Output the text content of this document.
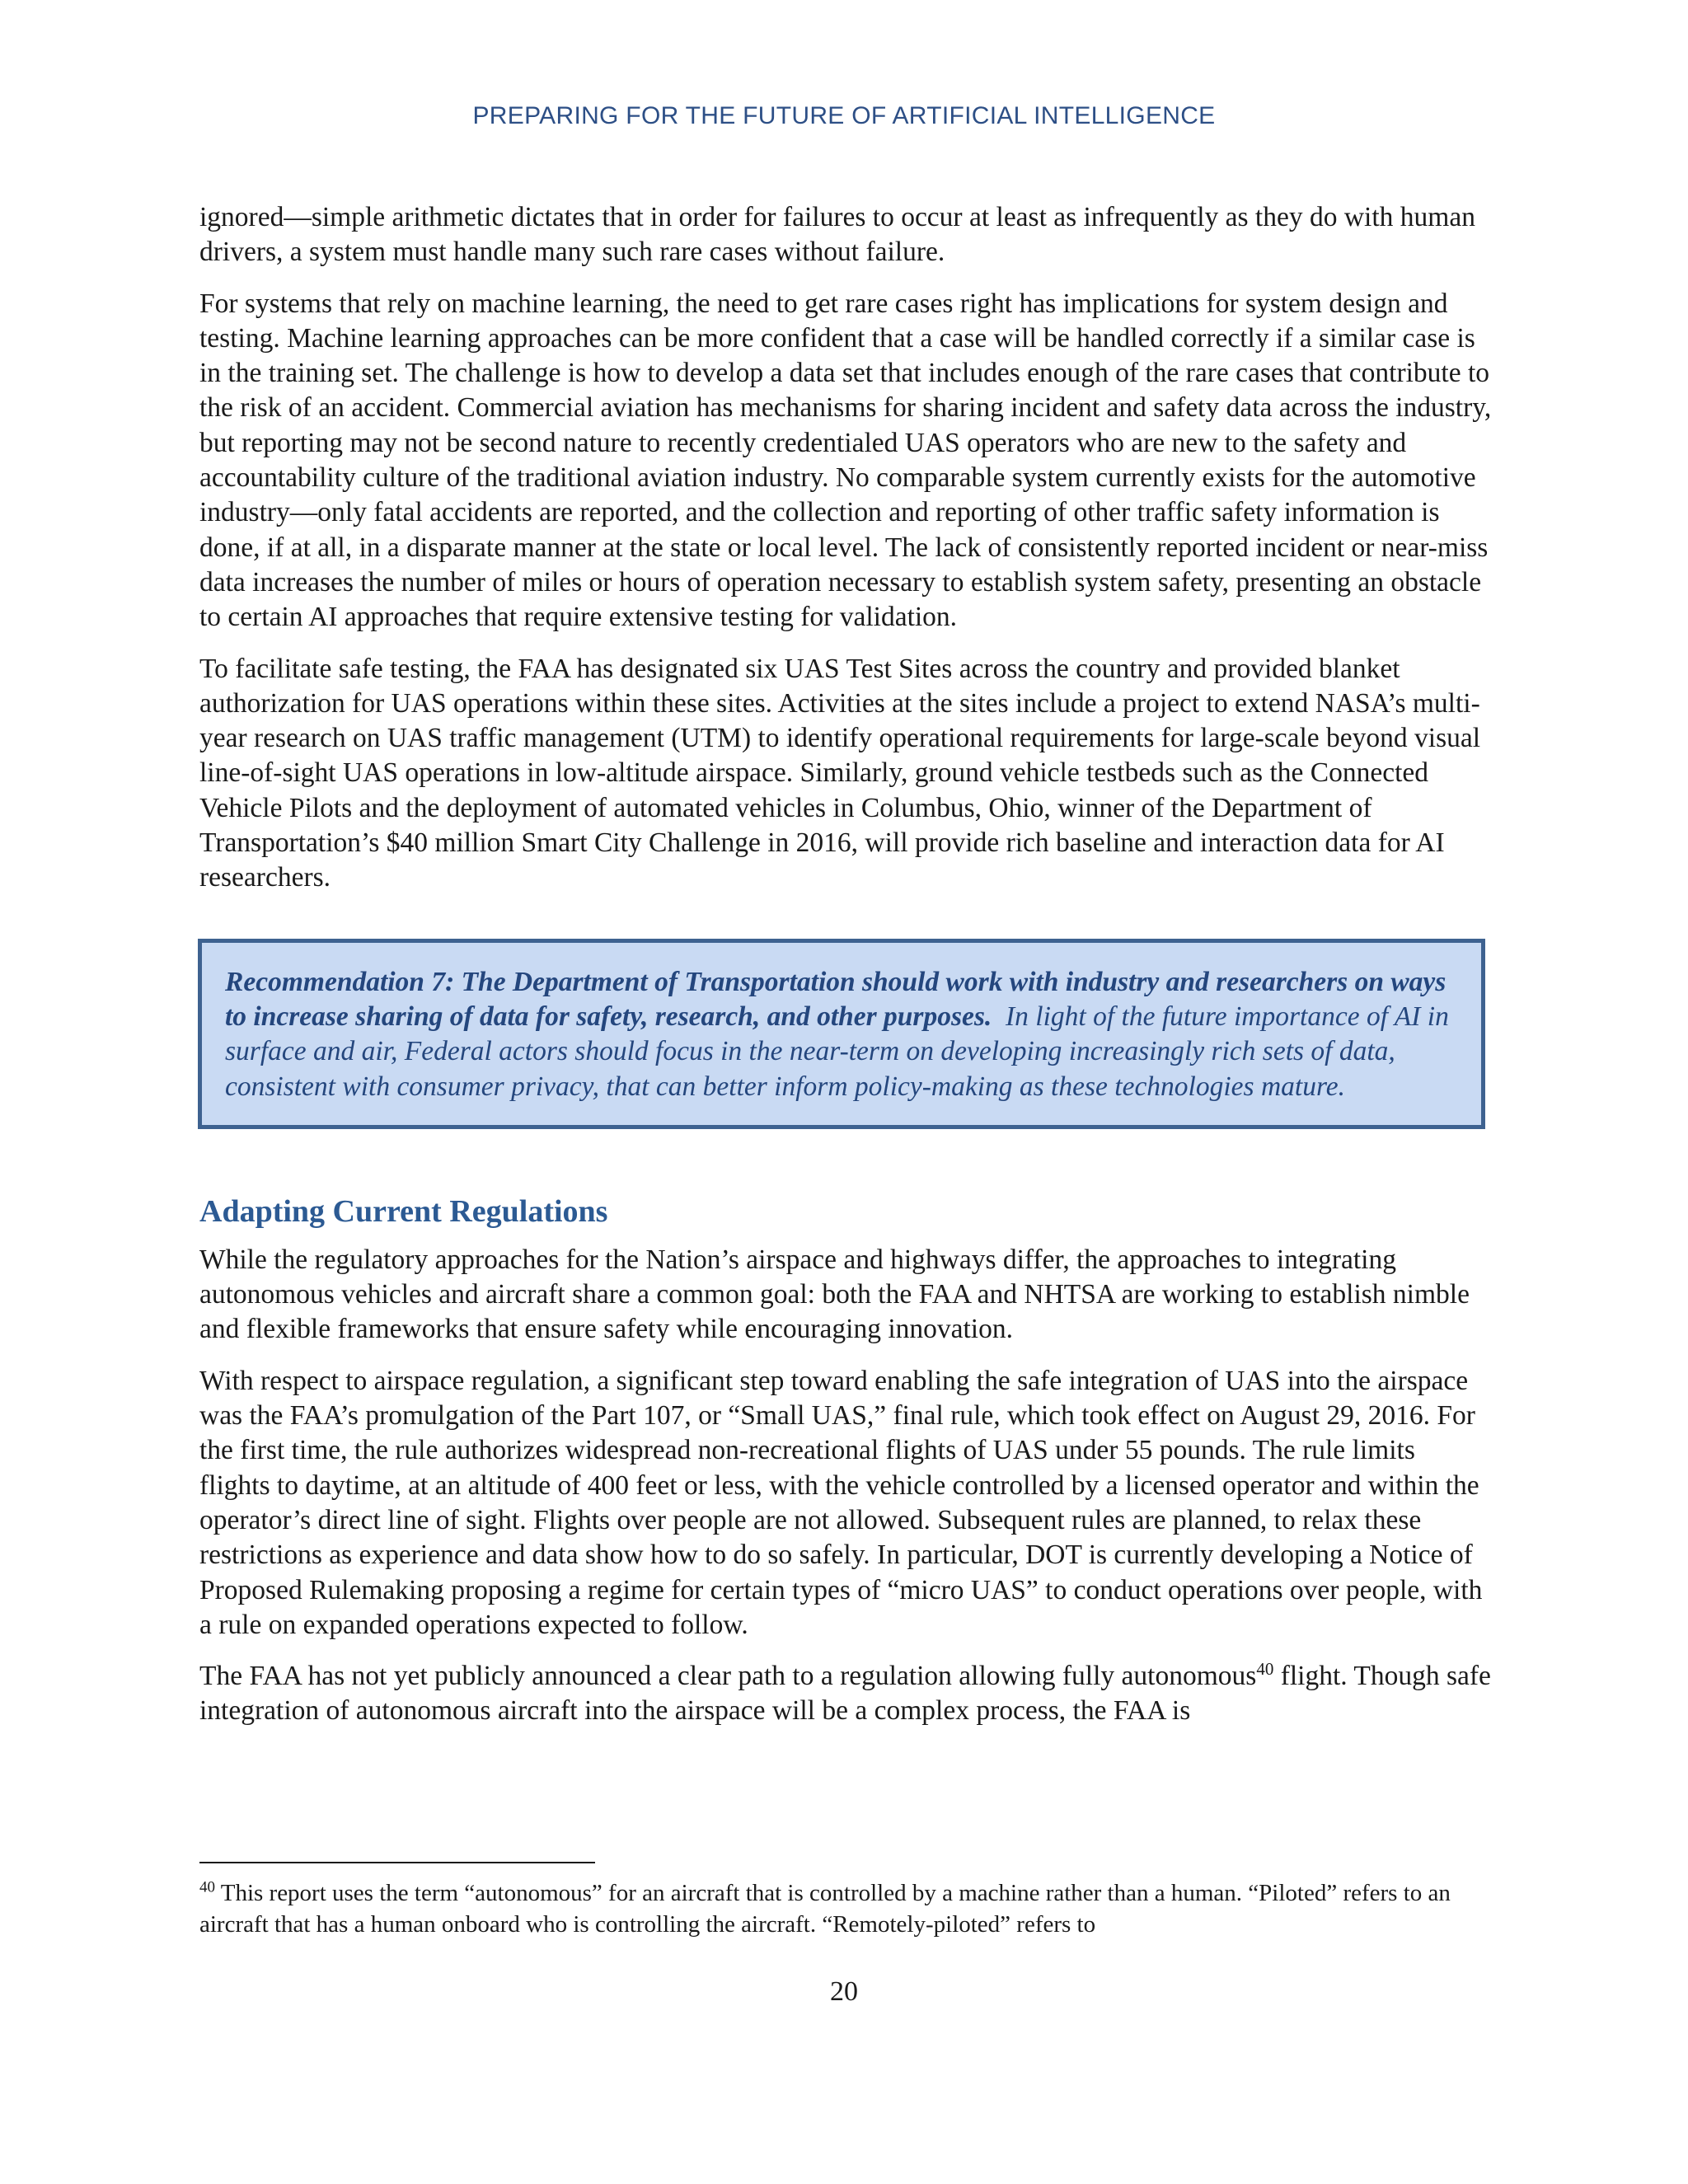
PREPARING FOR THE FUTURE OF ARTIFICIAL INTELLIGENCE

ignored—simple arithmetic dictates that in order for failures to occur at least as infrequently as they do with human drivers, a system must handle many such rare cases without failure.

For systems that rely on machine learning, the need to get rare cases right has implications for system design and testing. Machine learning approaches can be more confident that a case will be handled correctly if a similar case is in the training set. The challenge is how to develop a data set that includes enough of the rare cases that contribute to the risk of an accident. Commercial aviation has mechanisms for sharing incident and safety data across the industry, but reporting may not be second nature to recently credentialed UAS operators who are new to the safety and accountability culture of the traditional aviation industry. No comparable system currently exists for the automotive industry—only fatal accidents are reported, and the collection and reporting of other traffic safety information is done, if at all, in a disparate manner at the state or local level. The lack of consistently reported incident or near-miss data increases the number of miles or hours of operation necessary to establish system safety, presenting an obstacle to certain AI approaches that require extensive testing for validation.

To facilitate safe testing, the FAA has designated six UAS Test Sites across the country and provided blanket authorization for UAS operations within these sites. Activities at the sites include a project to extend NASA’s multi-year research on UAS traffic management (UTM) to identify operational requirements for large-scale beyond visual line-of-sight UAS operations in low-altitude airspace. Similarly, ground vehicle testbeds such as the Connected Vehicle Pilots and the deployment of automated vehicles in Columbus, Ohio, winner of the Department of Transportation’s $40 million Smart City Challenge in 2016, will provide rich baseline and interaction data for AI researchers.

Recommendation 7: The Department of Transportation should work with industry and researchers on ways to increase sharing of data for safety, research, and other purposes. In light of the future importance of AI in surface and air, Federal actors should focus in the near-term on developing increasingly rich sets of data, consistent with consumer privacy, that can better inform policy-making as these technologies mature.
Adapting Current Regulations

While the regulatory approaches for the Nation’s airspace and highways differ, the approaches to integrating autonomous vehicles and aircraft share a common goal: both the FAA and NHTSA are working to establish nimble and flexible frameworks that ensure safety while encouraging innovation.

With respect to airspace regulation, a significant step toward enabling the safe integration of UAS into the airspace was the FAA’s promulgation of the Part 107, or “Small UAS,” final rule, which took effect on August 29, 2016. For the first time, the rule authorizes widespread non-recreational flights of UAS under 55 pounds. The rule limits flights to daytime, at an altitude of 400 feet or less, with the vehicle controlled by a licensed operator and within the operator’s direct line of sight. Flights over people are not allowed. Subsequent rules are planned, to relax these restrictions as experience and data show how to do so safely. In particular, DOT is currently developing a Notice of Proposed Rulemaking proposing a regime for certain types of “micro UAS” to conduct operations over people, with a rule on expanded operations expected to follow.

The FAA has not yet publicly announced a clear path to a regulation allowing fully autonomous$^{40}$ flight. Though safe integration of autonomous aircraft into the airspace will be a complex process, the FAA is

$^{40}$ This report uses the term “autonomous” for an aircraft that is controlled by a machine rather than a human. “Piloted” refers to an aircraft that has a human onboard who is controlling the aircraft. “Remotely-piloted” refers to
20
